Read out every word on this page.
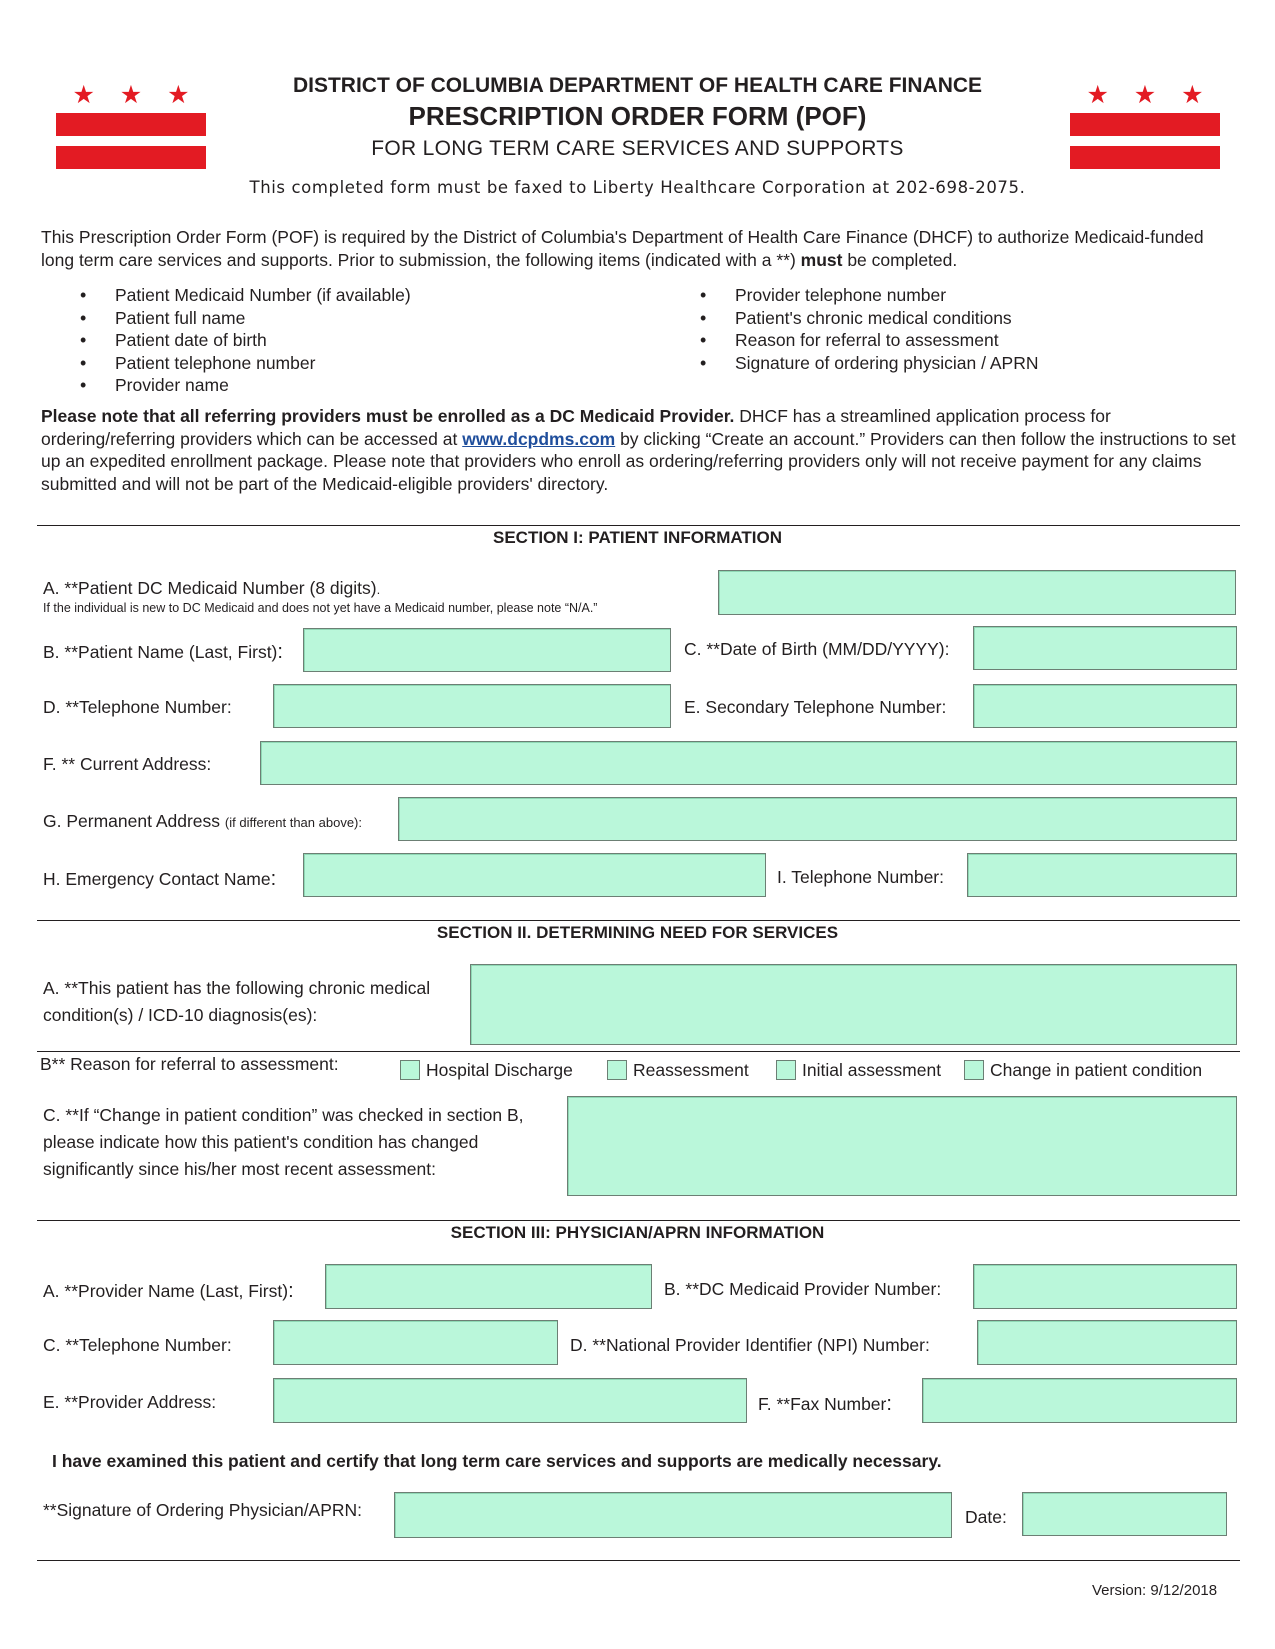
★ ★ ★	★ ★ ★
DISTRICT OF COLUMBIA DEPARTMENT OF HEALTH CARE FINANCE
PRESCRIPTION ORDER FORM (POF)
FOR LONG TERM CARE SERVICES AND SUPPORTS
This completed form must be faxed to Liberty Healthcare Corporation at 202-698-2075.
This Prescription Order Form (POF) is required by the District of Columbia's Department of Health Care Finance (DHCF) to authorize Medicaid-funded long term care services and supports. Prior to submission, the following items (indicated with a **) must be completed.
• Patient Medicaid Number (if available)
• Patient full name
• Patient date of birth
• Patient telephone number
• Provider name
• Provider telephone number
• Patient's chronic medical conditions
• Reason for referral to assessment
• Signature of ordering physician / APRN
Please note that all referring providers must be enrolled as a DC Medicaid Provider. DHCF has a streamlined application process for ordering/referring providers which can be accessed at www.dcpdms.com by clicking “Create an account.” Providers can then follow the instructions to set up an expedited enrollment package. Please note that providers who enroll as ordering/referring providers only will not receive payment for any claims submitted and will not be part of the Medicaid-eligible providers' directory.
SECTION I: PATIENT INFORMATION
A. **Patient DC Medicaid Number (8 digits).
If the individual is new to DC Medicaid and does not yet have a Medicaid number, please note “N/A.”
B. **Patient Name (Last, First):	C. **Date of Birth (MM/DD/YYYY):
D. **Telephone Number:	E. Secondary Telephone Number:
F. ** Current Address:
G. Permanent Address (if different than above):
H. Emergency Contact Name:	I. Telephone Number:
SECTION II. DETERMINING NEED FOR SERVICES
A. **This patient has the following chronic medical
condition(s) / ICD-10 diagnosis(es):
B** Reason for referral to assessment:	Hospital Discharge	Reassessment	Initial assessment	Change in patient condition
C. **If “Change in patient condition” was checked in section B,
please indicate how this patient's condition has changed
significantly since his/her most recent assessment:
SECTION III: PHYSICIAN/APRN INFORMATION
A. **Provider Name (Last, First):	B. **DC Medicaid Provider Number:
C. **Telephone Number:	D. **National Provider Identifier (NPI) Number:
E. **Provider Address:	F. **Fax Number:
I have examined this patient and certify that long term care services and supports are medically necessary.
**Signature of Ordering Physician/APRN:	Date:
Version: 9/12/2018
